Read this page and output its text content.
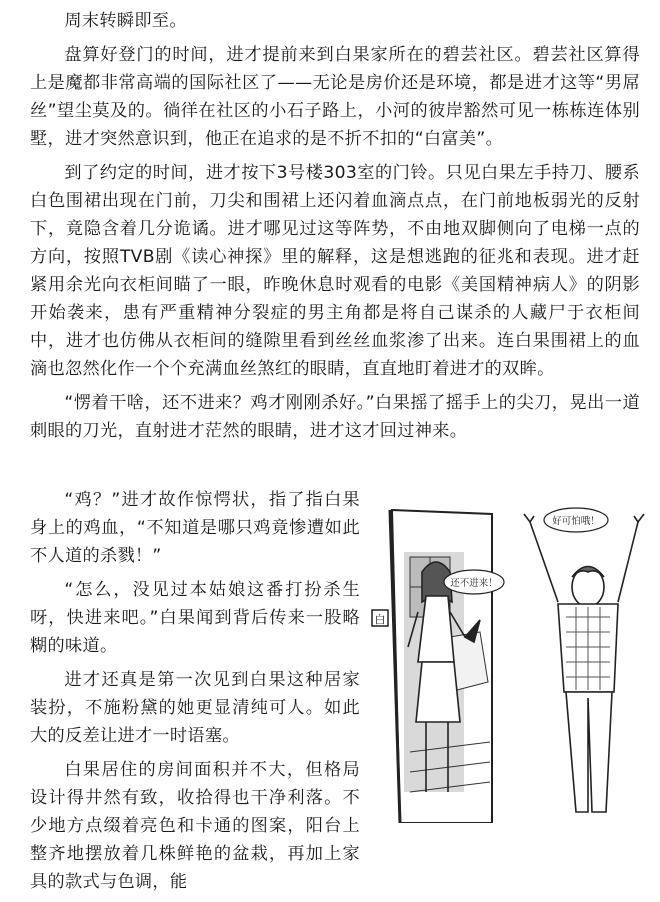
周末转瞬即至。

盘算好登门的时间，进才提前来到白果家所在的碧芸社区。碧芸社区算得上是魔都非常高端的国际社区了——无论是房价还是环境，都是进才这等“男屌丝”望尘莫及的。徜徉在社区的小石子路上，小河的彼岸豁然可见一栋栋连体别墅，进才突然意识到，他正在追求的是不折不扣的“白富美”。

到了约定的时间，进才按下3号楼303室的门铃。只见白果左手持刀、腰系白色围裙出现在门前，刀尖和围裙上还闪着血滴点点，在门前地板弱光的反射下，竟隐含着几分诡谲。进才哪见过这等阵势，不由地双脚侧向了电梯一点的方向，按照TVB剧《读心神探》里的解释，这是想逃跑的征兆和表现。进才赶紧用余光向衣柜间瞄了一眼，昨晚休息时观看的电影《美国精神病人》的阴影开始袭来，患有严重精神分裂症的男主角都是将自己谋杀的人藏尸于衣柜间中，进才也仿佛从衣柜间的缝隙里看到丝丝血浆渗了出来。连白果围裙上的血滴也忽然化作一个个充满血丝煞红的眼睛，直直地盯着进才的双眸。

“愣着干啥，还不进来？鸡才刚刚杀好。”白果摇了摇手上的尖刀，晃出一道刺眼的刀光，直射进才茫然的眼睛，进才这才回过神来。

“鸡？”进才故作惊愕状，指了指白果身上的鸡血，“不知道是哪只鸡竟惨遭如此不人道的杀戮！”

“怎么，没见过本姑娘这番打扮杀生呀，快进来吧。”白果闻到背后传来一股略糊的味道。

进才还真是第一次见到白果这种居家装扮，不施粉黛的她更显清纯可人。如此大的反差让进才一时语塞。

白果居住的房间面积并不大，但格局设计得井然有致，收拾得也干净利落。不少地方点缀着亮色和卡通的图案，阳台上整齐地摆放着几株鲜艳的盆栽，再加上家具的款式与色调，能

白
还不进来！
好可怕哦！
